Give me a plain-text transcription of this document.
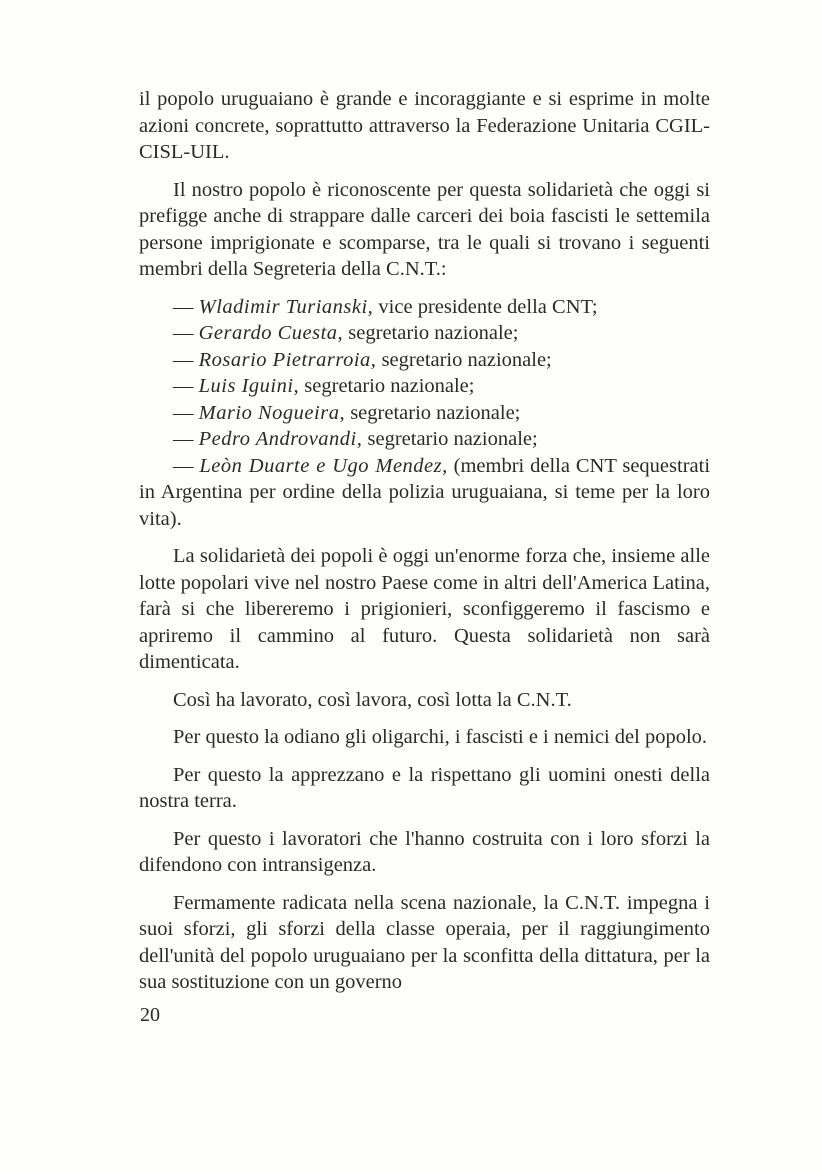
il popolo uruguaiano è grande e incoraggiante e si esprime in molte azioni concrete, soprattutto attraverso la Federazione Unitaria CGIL-CISL-UIL.

Il nostro popolo è riconoscente per questa solidarietà che oggi si prefigge anche di strappare dalle carceri dei boia fascisti le settemila persone imprigionate e scomparse, tra le quali si trovano i seguenti membri della Segreteria della C.N.T.:

— Wladimir Turianski, vice presidente della CNT;

— Gerardo Cuesta, segretario nazionale;

— Rosario Pietrarroia, segretario nazionale;

— Luis Iguini, segretario nazionale;

— Mario Nogueira, segretario nazionale;

— Pedro Androvandi, segretario nazionale;

— Leòn Duarte e Ugo Mendez, (membri della CNT sequestrati in Argentina per ordine della polizia uruguaiana, si teme per la loro vita).

La solidarietà dei popoli è oggi un'enorme forza che, insieme alle lotte popolari vive nel nostro Paese come in altri dell'America Latina, farà si che libereremo i prigionieri, sconfiggeremo il fascismo e apriremo il cammino al futuro. Questa solidarietà non sarà dimenticata.

Così ha lavorato, così lavora, così lotta la C.N.T.

Per questo la odiano gli oligarchi, i fascisti e i nemici del popolo.

Per questo la apprezzano e la rispettano gli uomini onesti della nostra terra.

Per questo i lavoratori che l'hanno costruita con i loro sforzi la difendono con intransigenza.

Fermamente radicata nella scena nazionale, la C.N.T. impegna i suoi sforzi, gli sforzi della classe operaia, per il raggiungimento dell'unità del popolo uruguaiano per la sconfitta della dittatura, per la sua sostituzione con un governo

20
